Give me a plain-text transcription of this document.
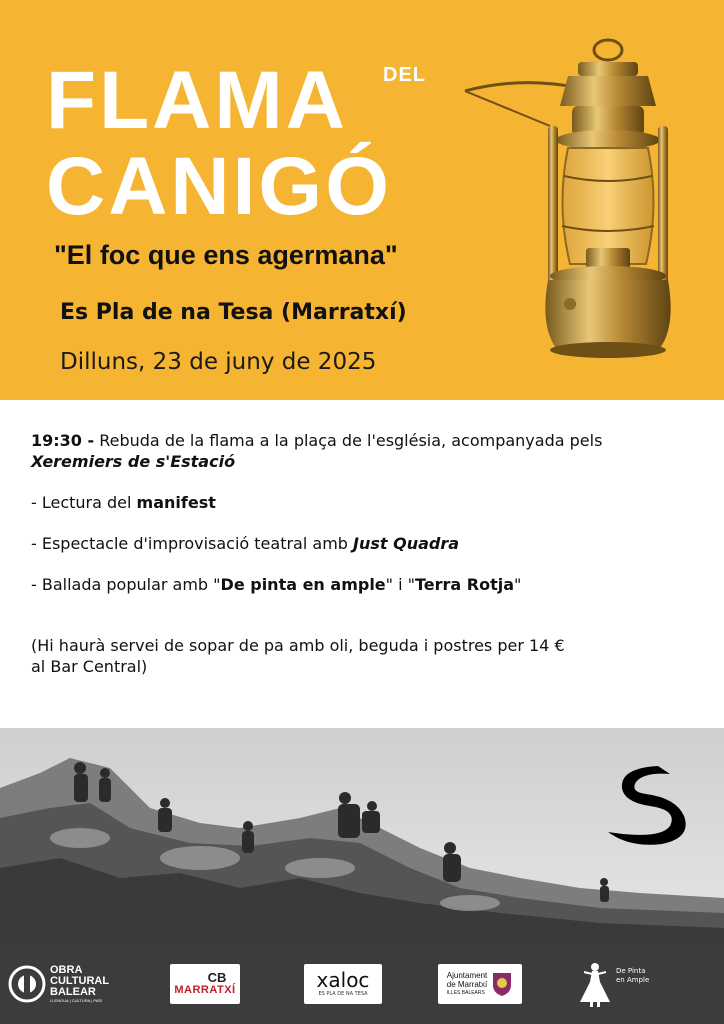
FLAMA DEL
CANIGÓ
"El foc que ens agermana"
Es Pla de na Tesa (Marratxí)
Dilluns, 23 de juny de 2025

19:30 - Rebuda de la flama a la plaça de l'església, acompanyada pels Xeremiers de s'Estació

- Lectura del manifest

- Espectacle d'improvisació teatral amb Just Quadra

- Ballada popular amb "De pinta en ample" i "Terra Rotja"

(Hi haurà servei de sopar de pa amb oli, beguda i postres per 14 € al Bar Central)

OBRA
CULTURAL
BALEAR
LLENGUA | CULTURA | PAÍS
CB
MARRATXÍ	xaloc
ES PLA DE NA TESA
Ajuntament
de Marratxí
ILLES BALEARS
De Pinta
en Ample
